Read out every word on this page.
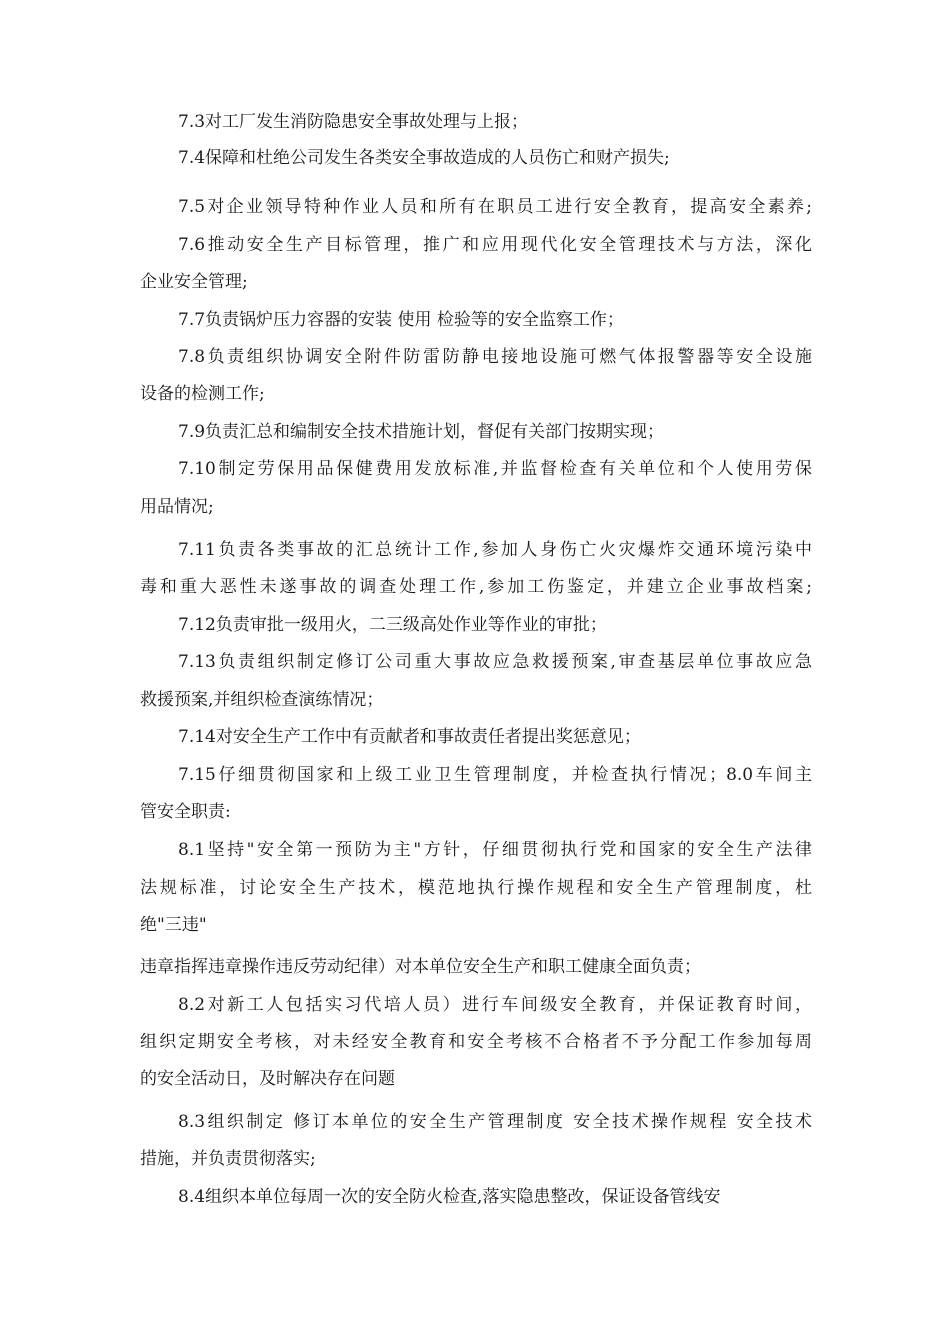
7.3对工厂发生消防隐患安全事故处理与上报；
7.4保障和杜绝公司发生各类安全事故造成的人员伤亡和财产损失;
7.5对企业领导特种作业人员和所有在职员工进行安全教育，提高安全素养;
7.6推动安全生产目标管理，推广和应用现代化安全管理技术与方法，深化
企业安全管理;
7.7负责锅炉压力容器的安装 使用 检验等的安全监察工作；
7.8负责组织协调安全附件防雷防静电接地设施可燃气体报警器等安全设施
设备的检测工作;
7.9负责汇总和编制安全技术措施计划，督促有关部门按期实现；
7.10制定劳保用品保健费用发放标准,并监督检查有关单位和个人使用劳保
用品情况;
7.11负责各类事故的汇总统计工作,参加人身伤亡火灾爆炸交通环境污染中
毒和重大恶性未遂事故的调查处理工作,参加工伤鉴定，并建立企业事故档案;
7.12负责审批一级用火，二三级高处作业等作业的审批；
7.13负责组织制定修订公司重大事故应急救援预案,审查基层单位事故应急
救援预案,并组织检查演练情况；
7.14对安全生产工作中有贡献者和事故责任者提出奖惩意见；
7.15仔细贯彻国家和上级工业卫生管理制度，并检查执行情况；8.0车间主
管安全职责:
8.1坚持"安全第一预防为主"方针，仔细贯彻执行党和国家的安全生产法律
法规标准，讨论安全生产技术，模范地执行操作规程和安全生产管理制度，杜
绝"三违"
违章指挥违章操作违反劳动纪律）对本单位安全生产和职工健康全面负责；
8.2对新工人包括实习代培人员）进行车间级安全教育，并保证教育时间，
组织定期安全考核，对未经安全教育和安全考核不合格者不予分配工作参加每周
的安全活动日，及时解决存在问题
8.3组织制定 修订本单位的安全生产管理制度 安全技术操作规程 安全技术
措施，并负责贯彻落实;
8.4组织本单位每周一次的安全防火检查,落实隐患整改，保证设备管线安
